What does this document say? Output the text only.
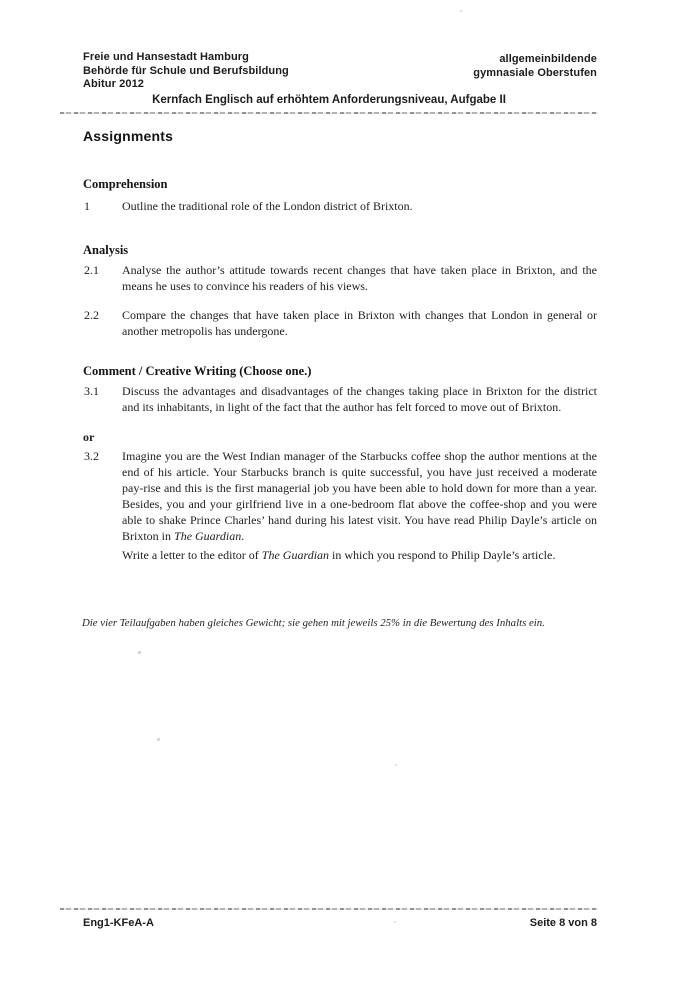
Freie und Hansestadt Hamburg
Behörde für Schule und Berufsbildung
Abitur 2012
allgemeinbildende
gymnasiale Oberstufen
Kernfach Englisch auf erhöhtem Anforderungsniveau, Aufgabe II
Assignments
Comprehension
1	Outline the traditional role of the London district of Brixton.
Analysis
2.1 Analyse the author’s attitude towards recent changes that have taken place in Brixton, and the means he uses to convince his readers of his views.
2.2 Compare the changes that have taken place in Brixton with changes that London in general or another metropolis has undergone.
Comment / Creative Writing (Choose one.)
3.1 Discuss the advantages and disadvantages of the changes taking place in Brixton for the district and its inhabitants, in light of the fact that the author has felt forced to move out of Brixton.
or
3.2 Imagine you are the West Indian manager of the Starbucks coffee shop the author mentions at the end of his article. Your Starbucks branch is quite successful, you have just received a moderate pay-rise and this is the first managerial job you have been able to hold down for more than a year. Besides, you and your girlfriend live in a one-bedroom flat above the coffee-shop and you were able to shake Prince Charles’ hand during his latest visit. You have read Philip Dayle’s article on Brixton in The Guardian.
Write a letter to the editor of The Guardian in which you respond to Philip Dayle’s article.
Die vier Teilaufgaben haben gleiches Gewicht; sie gehen mit jeweils 25% in die Bewertung des Inhalts ein.
Eng1-KFeA-A	Seite 8 von 8
